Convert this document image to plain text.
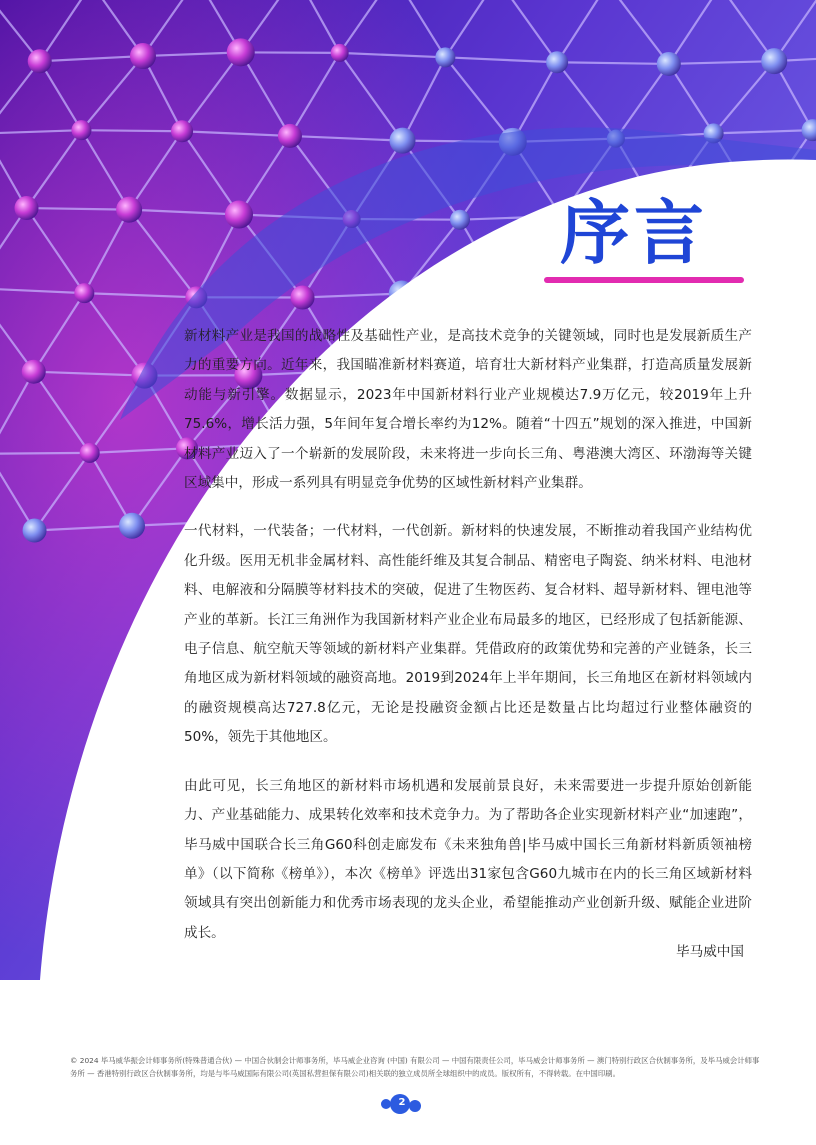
序言

新材料产业是我国的战略性及基础性产业，是高技术竞争的关键领域，同时也是发展新质生产力的重要方向。近年来，我国瞄准新材料赛道，培育壮大新材料产业集群，打造高质量发展新动能与新引擎。数据显示，2023年中国新材料行业产业规模达7.9万亿元，较2019年上升75.6%，增长活力强，5年间年复合增长率约为12%。随着“十四五”规划的深入推进，中国新材料产业迈入了一个崭新的发展阶段，未来将进一步向长三角、粤港澳大湾区、环渤海等关键区域集中，形成一系列具有明显竞争优势的区域性新材料产业集群。

一代材料，一代装备；一代材料，一代创新。新材料的快速发展，不断推动着我国产业结构优化升级。医用无机非金属材料、高性能纤维及其复合制品、精密电子陶瓷、纳米材料、电池材料、电解液和分隔膜等材料技术的突破，促进了生物医药、复合材料、超导新材料、锂电池等产业的革新。长江三角洲作为我国新材料产业企业布局最多的地区，已经形成了包括新能源、电子信息、航空航天等领域的新材料产业集群。凭借政府的政策优势和完善的产业链条，长三角地区成为新材料领域的融资高地。2019到2024年上半年期间，长三角地区在新材料领域内的融资规模高达727.8亿元，无论是投融资金额占比还是数量占比均超过行业整体融资的50%，领先于其他地区。

由此可见，长三角地区的新材料市场机遇和发展前景良好，未来需要进一步提升原始创新能力、产业基础能力、成果转化效率和技术竞争力。为了帮助各企业实现新材料产业“加速跑”，毕马威中国联合长三角G60科创走廊发布《未来独角兽|毕马威中国长三角新材料新质领袖榜单》（以下简称《榜单》），本次《榜单》评选出31家包含G60九城市在内的长三角区域新材料领域具有突出创新能力和优秀市场表现的龙头企业，希望能推动产业创新升级、赋能企业进阶成长。

毕马威中国
© 2024 毕马威华振会计师事务所(特殊普通合伙) — 中国合伙制会计师事务所，毕马威企业咨询 (中国) 有限公司 — 中国有限责任公司，毕马威会计师事务所 — 澳门特别行政区合伙制事务所，及毕马威会计师事务所 — 香港特别行政区合伙制事务所，均是与毕马威国际有限公司(英国私营担保有限公司)相关联的独立成员所全球组织中的成员。版权所有，不得转载。在中国印刷。
2
